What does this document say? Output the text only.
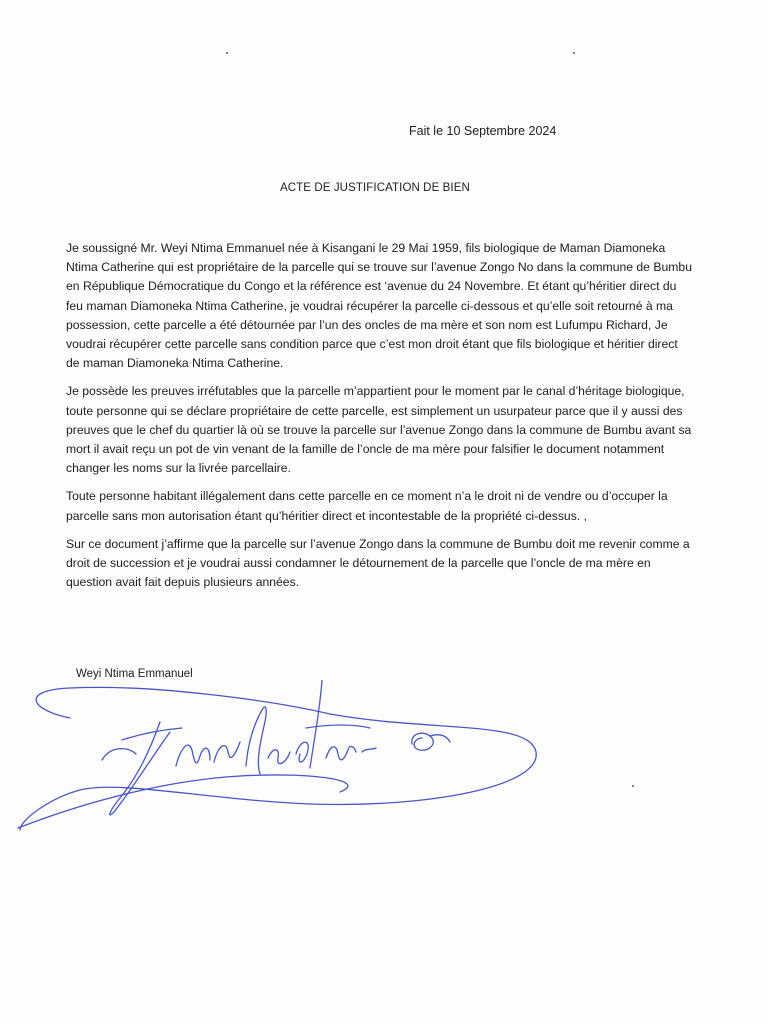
Fait le 10 Septembre 2024
ACTE DE JUSTIFICATION DE BIEN

Je soussigné Mr. Weyi Ntima Emmanuel née à Kisangani le 29 Mai 1959, fils biologique de Maman Diamoneka Ntima Catherine qui est propriétaire de la parcelle qui se trouve sur l’avenue Zongo No dans la commune de Bumbu en République Démocratique du Congo et la référence est ‘avenue du 24 Novembre. Et étant qu’héritier direct du feu maman Diamoneka Ntima Catherine, je voudrai récupérer la parcelle ci-dessous et qu’elle soit retourné à ma possession, cette parcelle a été détournée par l’un des oncles de ma mère et son nom est Lufumpu Richard, Je voudrai récupérer cette parcelle sans condition parce que c’est mon droit étant que fils biologique et héritier direct de maman Diamoneka Ntima Catherine.

Je possède les preuves irréfutables que la parcelle m’appartient pour le moment par le canal d’héritage biologique, toute personne qui se déclare propriétaire de cette parcelle, est simplement un usurpateur parce que il y aussi des preuves que le chef du quartier là où se trouve la parcelle sur l’avenue Zongo dans la commune de Bumbu avant sa mort il avait reçu un pot de vin venant de la famille de l’oncle de ma mère pour falsifier le document notamment changer les noms sur la livrée parcellaire.

Toute personne habitant illégalement dans cette parcelle en ce moment n’a le droit ni de vendre ou d’occuper la parcelle sans mon autorisation étant qu’héritier direct et incontestable de la propriété ci-dessus. ,

Sur ce document j’affirme que la parcelle sur l’avenue Zongo dans la commune de Bumbu doit me revenir comme a droit de succession et je voudrai aussi condamner le détournement de la parcelle que l’oncle de ma mère en question avait fait depuis plusieurs années.

Weyi Ntima Emmanuel
